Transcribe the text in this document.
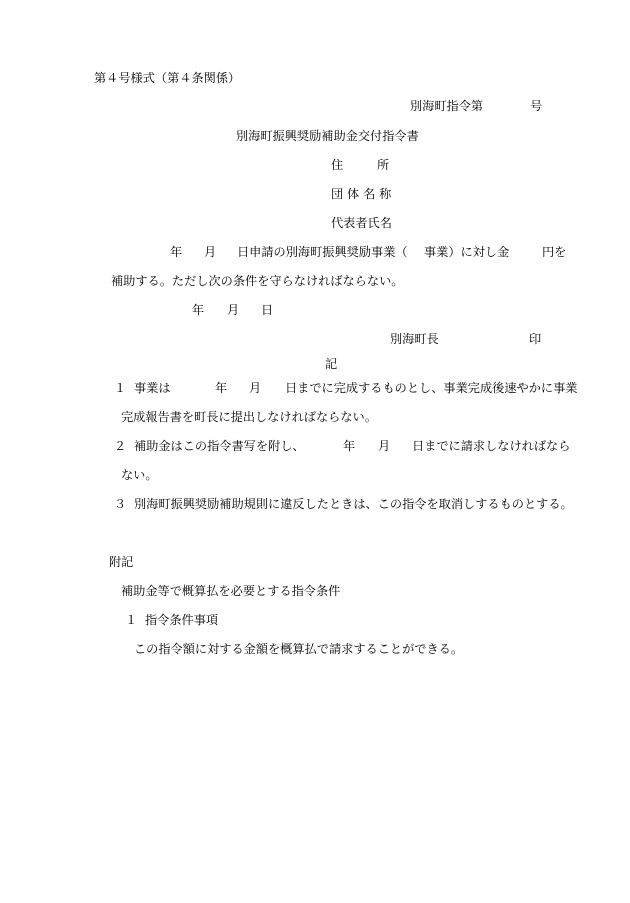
第４号様式（第４条関係）
別海町指令第	号
別海町振興奨励補助金交付指令書
住	所
団 体 名 称
代表者氏名
年 月 日申請の別海町振興奨励事業（ 事業）に対し金	円を
補助する。ただし次の条件を守らなければならない。
年 月 日
別海町長	印
記
１ 事業は	年 月 日までに完成するものとし、事業完成後速やかに事業
完成報告書を町長に提出しなければならない。
２ 補助金はこの指令書写を附し、	年 月 日までに請求しなければなら
ない。
３ 別海町振興奨励補助規則に違反したときは、この指令を取消しするものとする。
附記
補助金等で概算払を必要とする指令条件
１ 指令条件事項
この指令額に対する金額を概算払で請求することができる。
